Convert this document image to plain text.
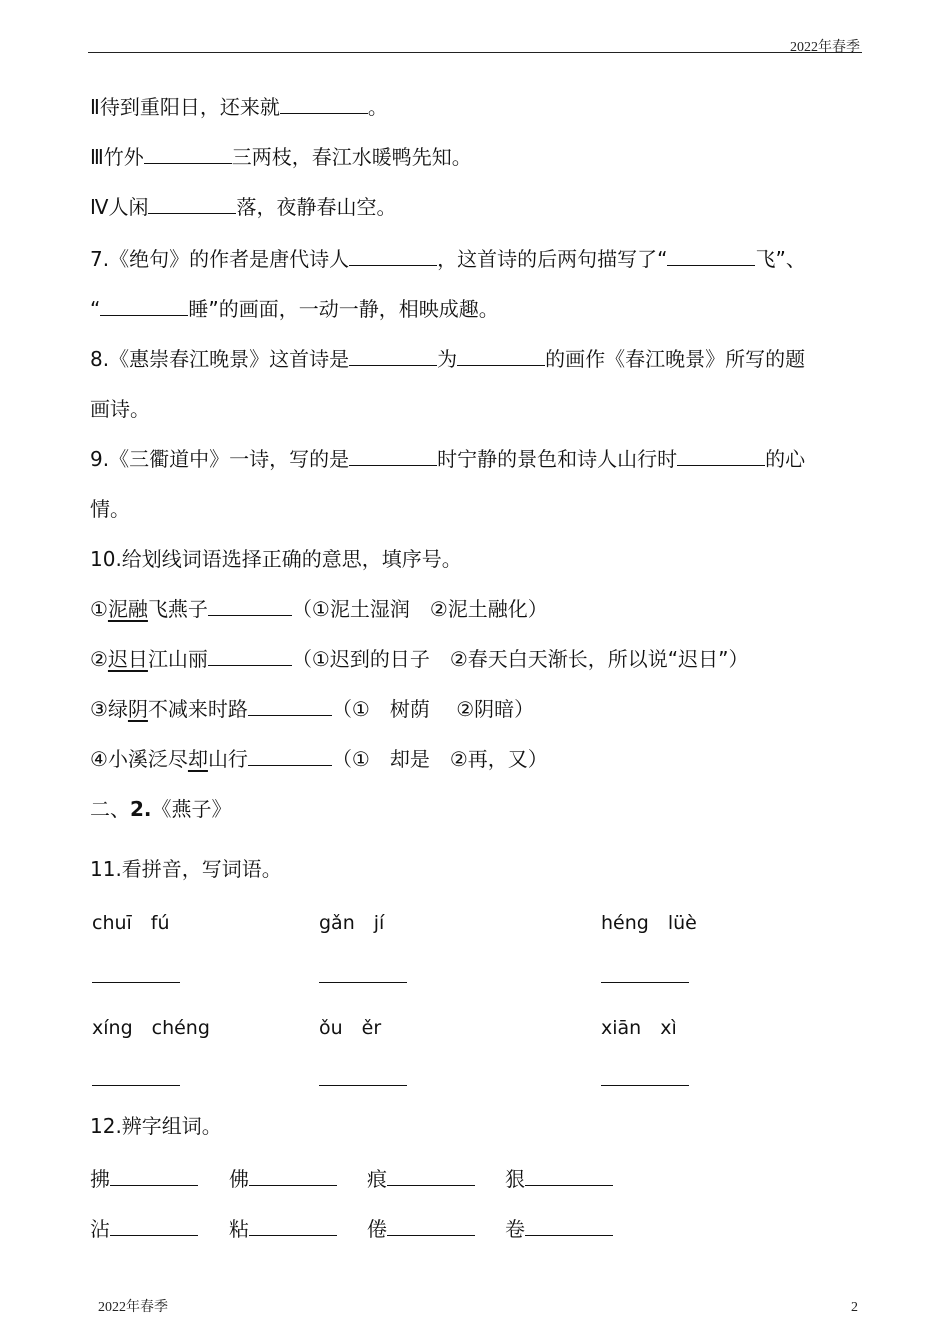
2022年春季
Ⅱ待到重阳日，还来就	。
Ⅲ竹外	三两枝，春江水暖鸭先知。
Ⅳ人闲	落，夜静春山空。
7.《绝句》的作者是唐代诗人	，这首诗的后两句描写了“	飞”、
“	睡”的画面，一动一静，相映成趣。
8.《惠崇春江晚景》这首诗是	为	的画作《春江晚景》所写的题
画诗。
9.《三衢道中》一诗，写的是	时宁静的景色和诗人山行时	的心
情。
10.给划线词语选择正确的意思，填序号。
①泥融飞燕子	（①泥土湿润　②泥土融化）
②迟日江山丽	（①迟到的日子　②春天白天渐长，所以说“迟日”）
③绿阴不减来时路	（①　树荫　 ②阴暗）
④小溪泛尽却山行	（①　却是　②再，又）
二、2.《燕子》
11.看拼音，写词语。
chuī　fú	gǎn　jí	héng　lüè
xíng　chéng	ǒu　ěr	xiān　xì
12.辨字组词。
拂	佛	痕	狠
沾	粘	倦	卷
2022年春季	2
